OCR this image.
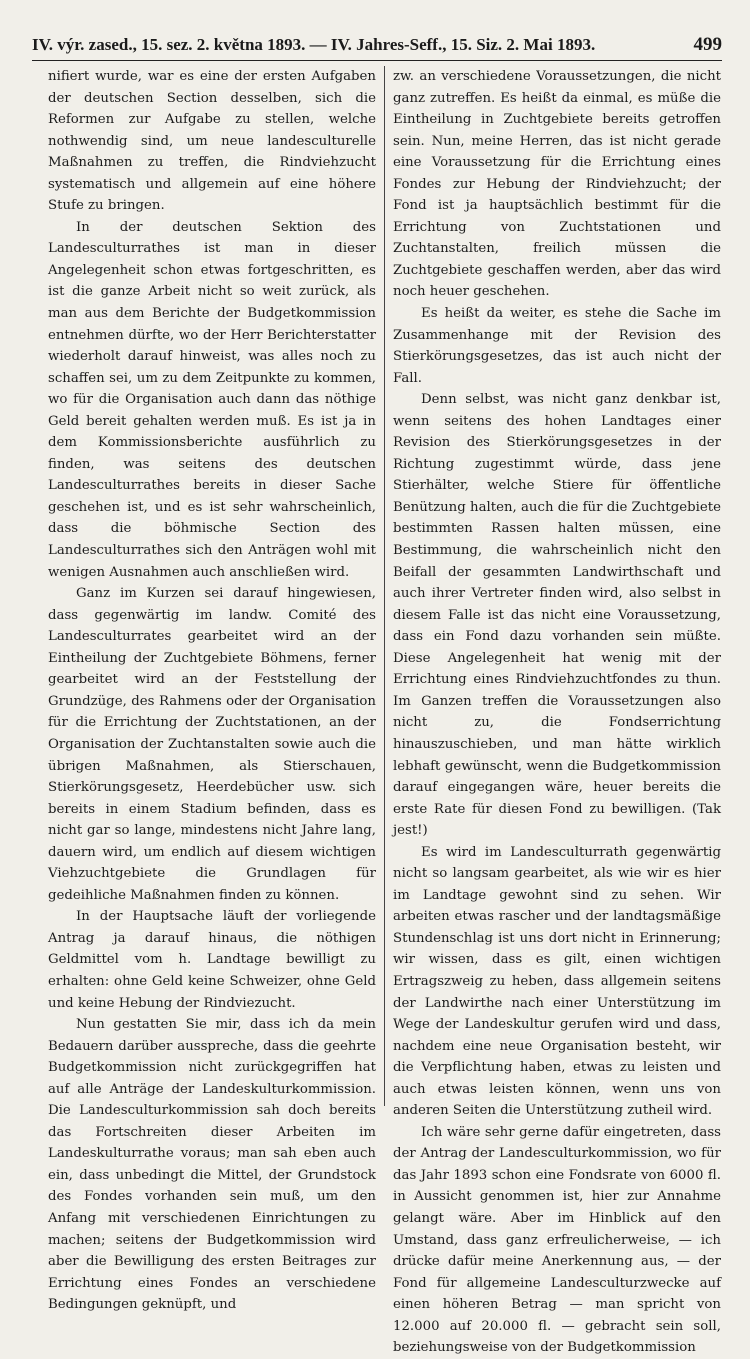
IV. výr. zased., 15. sez. 2. května 1893. — IV. Jahres-Seff., 15. Siz. 2. Mai 1893.	499

nifiert wurde, war es eine der ersten Aufgaben der deutschen Section desselben, sich die Reformen zur Aufgabe zu stellen, welche nothwendig sind, um neue landesculturelle Maßnahmen zu treffen, die Rindviehzucht systematisch und allgemein auf eine höhere Stufe zu bringen.

In der deutschen Sektion des Landesculturrathes ist man in dieser Angelegenheit schon etwas fortgeschritten, es ist die ganze Arbeit nicht so weit zurück, als man aus dem Berichte der Budgetkommission entnehmen dürfte, wo der Herr Berichterstatter wiederholt darauf hinweist, was alles noch zu schaffen sei, um zu dem Zeitpunkte zu kommen, wo für die Organisation auch dann das nöthige Geld bereit gehalten werden muß. Es ist ja in dem Kommissionsberichte ausführlich zu finden, was seitens des deutschen Landesculturrathes bereits in dieser Sache geschehen ist, und es ist sehr wahrscheinlich, dass die böhmische Section des Landesculturrathes sich den Anträgen wohl mit wenigen Ausnahmen auch anschließen wird.

Ganz im Kurzen sei darauf hingewiesen, dass gegenwärtig im landw. Comité des Landesculturrates gearbeitet wird an der Eintheilung der Zuchtgebiete Böhmens, ferner gearbeitet wird an der Feststellung der Grundzüge, des Rahmens oder der Organisation für die Errichtung der Zuchtstationen, an der Organisation der Zuchtanstalten sowie auch die übrigen Maßnahmen, als Stierschauen, Stierkörungsgesetz, Heerdebücher usw. sich bereits in einem Stadium befinden, dass es nicht gar so lange, mindestens nicht Jahre lang, dauern wird, um endlich auf diesem wichtigen Viehzuchtgebiete die Grundlagen für gedeihliche Maßnahmen finden zu können.

In der Hauptsache läuft der vorliegende Antrag ja darauf hinaus, die nöthigen Geldmittel vom h. Landtage bewilligt zu erhalten: ohne Geld keine Schweizer, ohne Geld und keine Hebung der Rindviezucht.

Nun gestatten Sie mir, dass ich da mein Bedauern darüber ausspreche, dass die geehrte Budgetkommission nicht zurückgegriffen hat auf alle Anträge der Landeskulturkommission. Die Landesculturkommission sah doch bereits das Fortschreiten dieser Arbeiten im Landeskulturrathe voraus; man sah eben auch ein, dass unbedingt die Mittel, der Grundstock des Fondes vorhanden sein muß, um den Anfang mit verschiedenen Einrichtungen zu machen; seitens der Budgetkommission wird aber die Bewilligung des ersten Beitrages zur Errichtung eines Fondes an verschiedene Bedingungen geknüpft, und

zw. an verschiedene Voraussetzungen, die nicht ganz zutreffen. Es heißt da einmal, es müße die Eintheilung in Zuchtgebiete bereits getroffen sein. Nun, meine Herren, das ist nicht gerade eine Voraussetzung für die Errichtung eines Fondes zur Hebung der Rindviehzucht; der Fond ist ja hauptsächlich bestimmt für die Errichtung von Zuchtstationen und Zuchtanstalten, freilich müssen die Zuchtgebiete geschaffen werden, aber das wird noch heuer geschehen.

Es heißt da weiter, es stehe die Sache im Zusammenhange mit der Revision des Stierkörungsgesetzes, das ist auch nicht der Fall.

Denn selbst, was nicht ganz denkbar ist, wenn seitens des hohen Landtages einer Revision des Stierkörungsgesetzes in der Richtung zugestimmt würde, dass jene Stierhälter, welche Stiere für öffentliche Benützung halten, auch die für die Zuchtgebiete bestimmten Rassen halten müssen, eine Bestimmung, die wahrscheinlich nicht den Beifall der gesammten Landwirthschaft und auch ihrer Vertreter finden wird, also selbst in diesem Falle ist das nicht eine Voraussetzung, dass ein Fond dazu vorhanden sein müßte. Diese Angelegenheit hat wenig mit der Errichtung eines Rindviehzuchtfondes zu thun. Im Ganzen treffen die Voraussetzungen also nicht zu, die Fondserrichtung hinauszuschieben, und man hätte wirklich lebhaft gewünscht, wenn die Budgetkommission darauf eingegangen wäre, heuer bereits die erste Rate für diesen Fond zu bewilligen. (Tak jest!)

Es wird im Landesculturrath gegenwärtig nicht so langsam gearbeitet, als wie wir es hier im Landtage gewohnt sind zu sehen. Wir arbeiten etwas rascher und der landtagsmäßige Stundenschlag ist uns dort nicht in Erinnerung; wir wissen, dass es gilt, einen wichtigen Ertragszweig zu heben, dass allgemein seitens der Landwirthe nach einer Unterstützung im Wege der Landeskultur gerufen wird und dass, nachdem eine neue Organisation besteht, wir die Verpflichtung haben, etwas zu leisten und auch etwas leisten können, wenn uns von anderen Seiten die Unterstützung zutheil wird.

Ich wäre sehr gerne dafür eingetreten, dass der Antrag der Landesculturkommission, wo für das Jahr 1893 schon eine Fondsrate von 6000 fl. in Aussicht genommen ist, hier zur Annahme gelangt wäre. Aber im Hinblick auf den Umstand, dass ganz erfreulicherweise, — ich drücke dafür meine Anerkennung aus, — der Fond für allgemeine Landesculturzwecke auf einen höheren Betrag — man spricht von 12.000 auf 20.000 fl. — gebracht sein soll, beziehungsweise von der Budgetkommission
